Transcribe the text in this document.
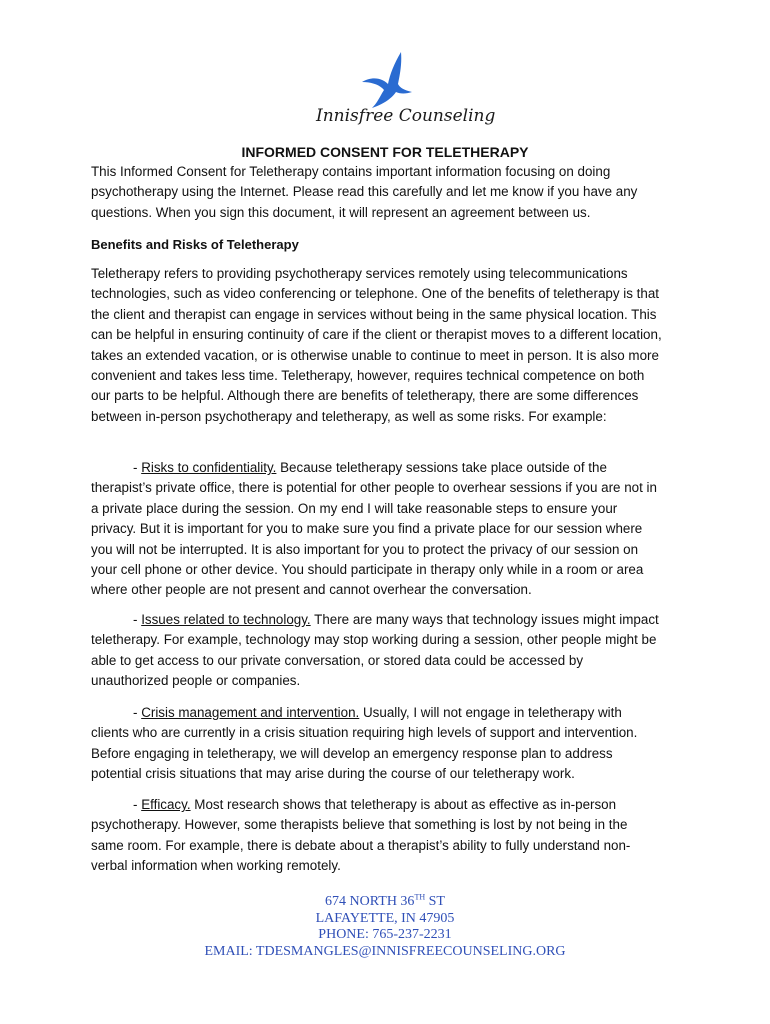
Innisfree Counseling
INFORMED CONSENT FOR TELETHERAPY
This Informed Consent for Teletherapy contains important information focusing on doing psychotherapy using the Internet. Please read this carefully and let me know if you have any questions. When you sign this document, it will represent an agreement between us.
Benefits and Risks of Teletherapy
Teletherapy refers to providing psychotherapy services remotely using telecommunications technologies, such as video conferencing or telephone. One of the benefits of teletherapy is that the client and therapist can engage in services without being in the same physical location. This can be helpful in ensuring continuity of care if the client or therapist moves to a different location, takes an extended vacation, or is otherwise unable to continue to meet in person. It is also more convenient and takes less time. Teletherapy, however, requires technical competence on both our parts to be helpful. Although there are benefits of teletherapy, there are some differences between in-person psychotherapy and teletherapy, as well as some risks. For example:
- Risks to confidentiality. Because teletherapy sessions take place outside of the therapist’s private office, there is potential for other people to overhear sessions if you are not in a private place during the session. On my end I will take reasonable steps to ensure your privacy. But it is important for you to make sure you find a private place for our session where you will not be interrupted. It is also important for you to protect the privacy of our session on your cell phone or other device. You should participate in therapy only while in a room or area where other people are not present and cannot overhear the conversation.
- Issues related to technology. There are many ways that technology issues might impact teletherapy. For example, technology may stop working during a session, other people might be able to get access to our private conversation, or stored data could be accessed by unauthorized people or companies.
- Crisis management and intervention. Usually, I will not engage in teletherapy with clients who are currently in a crisis situation requiring high levels of support and intervention. Before engaging in teletherapy, we will develop an emergency response plan to address potential crisis situations that may arise during the course of our teletherapy work.
- Efficacy. Most research shows that teletherapy is about as effective as in-person psychotherapy. However, some therapists believe that something is lost by not being in the same room. For example, there is debate about a therapist’s ability to fully understand non-verbal information when working remotely.
674 NORTH 36TH ST
LAFAYETTE, IN 47905
PHONE: 765-237-2231
EMAIL: TDESMANGLES@INNISFREECOUNSELING.ORG
